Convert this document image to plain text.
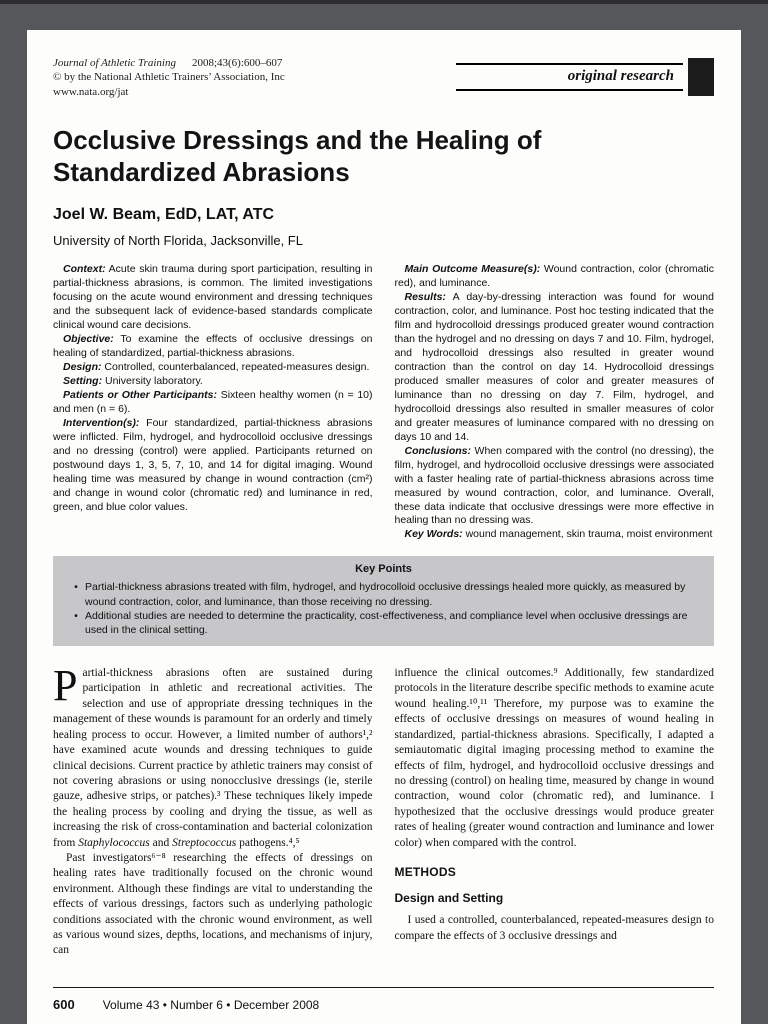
Journal of Athletic Training 2008;43(6):600–607
© by the National Athletic Trainers’ Association, Inc
www.nata.org/jat
original research
Occlusive Dressings and the Healing of Standardized Abrasions
Joel W. Beam, EdD, LAT, ATC
University of North Florida, Jacksonville, FL

Context: Acute skin trauma during sport participation, resulting in partial-thickness abrasions, is common. The limited investigations focusing on the acute wound environment and dressing techniques and the subsequent lack of evidence-based standards complicate clinical wound care decisions.

Objective: To examine the effects of occlusive dressings on healing of standardized, partial-thickness abrasions.

Design: Controlled, counterbalanced, repeated-measures design.

Setting: University laboratory.

Patients or Other Participants: Sixteen healthy women (n = 10) and men (n = 6).

Intervention(s): Four standardized, partial-thickness abrasions were inflicted. Film, hydrogel, and hydrocolloid occlusive dressings and no dressing (control) were applied. Participants returned on postwound days 1, 3, 5, 7, 10, and 14 for digital imaging. Wound healing time was measured by change in wound contraction (cm²) and change in wound color (chromatic red) and luminance in red, green, and blue color values.

Main Outcome Measure(s): Wound contraction, color (chromatic red), and luminance.

Results: A day-by-dressing interaction was found for wound contraction, color, and luminance. Post hoc testing indicated that the film and hydrocolloid dressings produced greater wound contraction than the hydrogel and no dressing on days 7 and 10. Film, hydrogel, and hydrocolloid dressings also resulted in greater wound contraction than the control on day 14. Hydrocolloid dressings produced smaller measures of color and greater measures of luminance than no dressing on day 7. Film, hydrogel, and hydrocolloid dressings also resulted in smaller measures of color and greater measures of luminance compared with no dressing on days 10 and 14.

Conclusions: When compared with the control (no dressing), the film, hydrogel, and hydrocolloid occlusive dressings were associated with a faster healing rate of partial-thickness abrasions across time measured by wound contraction, color, and luminance. Overall, these data indicate that occlusive dressings were more effective in healing than no dressing was.

Key Words: wound management, skin trauma, moist environment

Key Points
• Partial-thickness abrasions treated with film, hydrogel, and hydrocolloid occlusive dressings healed more quickly, as measured by wound contraction, color, and luminance, than those receiving no dressing.
• Additional studies are needed to determine the practicality, cost-effectiveness, and compliance level when occlusive dressings are used in the clinical setting.

Partial-thickness abrasions often are sustained during participation in athletic and recreational activities. The selection and use of appropriate dressing techniques in the management of these wounds is paramount for an orderly and timely healing process to occur. However, a limited number of authors¹,² have examined acute wounds and dressing techniques to guide clinical decisions. Current practice by athletic trainers may consist of not covering abrasions or using nonocclusive dressings (ie, sterile gauze, adhesive strips, or patches).³ These techniques likely impede the healing process by cooling and drying the tissue, as well as increasing the risk of cross-contamination and bacterial colonization from Staphylococcus and Streptococcus pathogens.⁴,⁵

Past investigators⁶⁻⁸ researching the effects of dressings on healing rates have traditionally focused on the chronic wound environment. Although these findings are vital to understanding the effects of various dressings, factors such as underlying pathologic conditions associated with the chronic wound environment, as well as various wound sizes, depths, locations, and mechanisms of injury, can

influence the clinical outcomes.⁹ Additionally, few standardized protocols in the literature describe specific methods to examine acute wound healing.¹⁰,¹¹ Therefore, my purpose was to examine the effects of occlusive dressings on measures of wound healing in standardized, partial-thickness abrasions. Specifically, I adapted a semiautomatic digital imaging processing method to examine the effects of film, hydrogel, and hydrocolloid occlusive dressings and no dressing (control) on healing time, measured by change in wound contraction, wound color (chromatic red), and luminance. I hypothesized that the occlusive dressings would produce greater rates of healing (greater wound contraction and luminance and lower color) when compared with the control.

METHODS
Design and Setting

I used a controlled, counterbalanced, repeated-measures design to compare the effects of 3 occlusive dressings and

600 Volume 43 • Number 6 • December 2008
